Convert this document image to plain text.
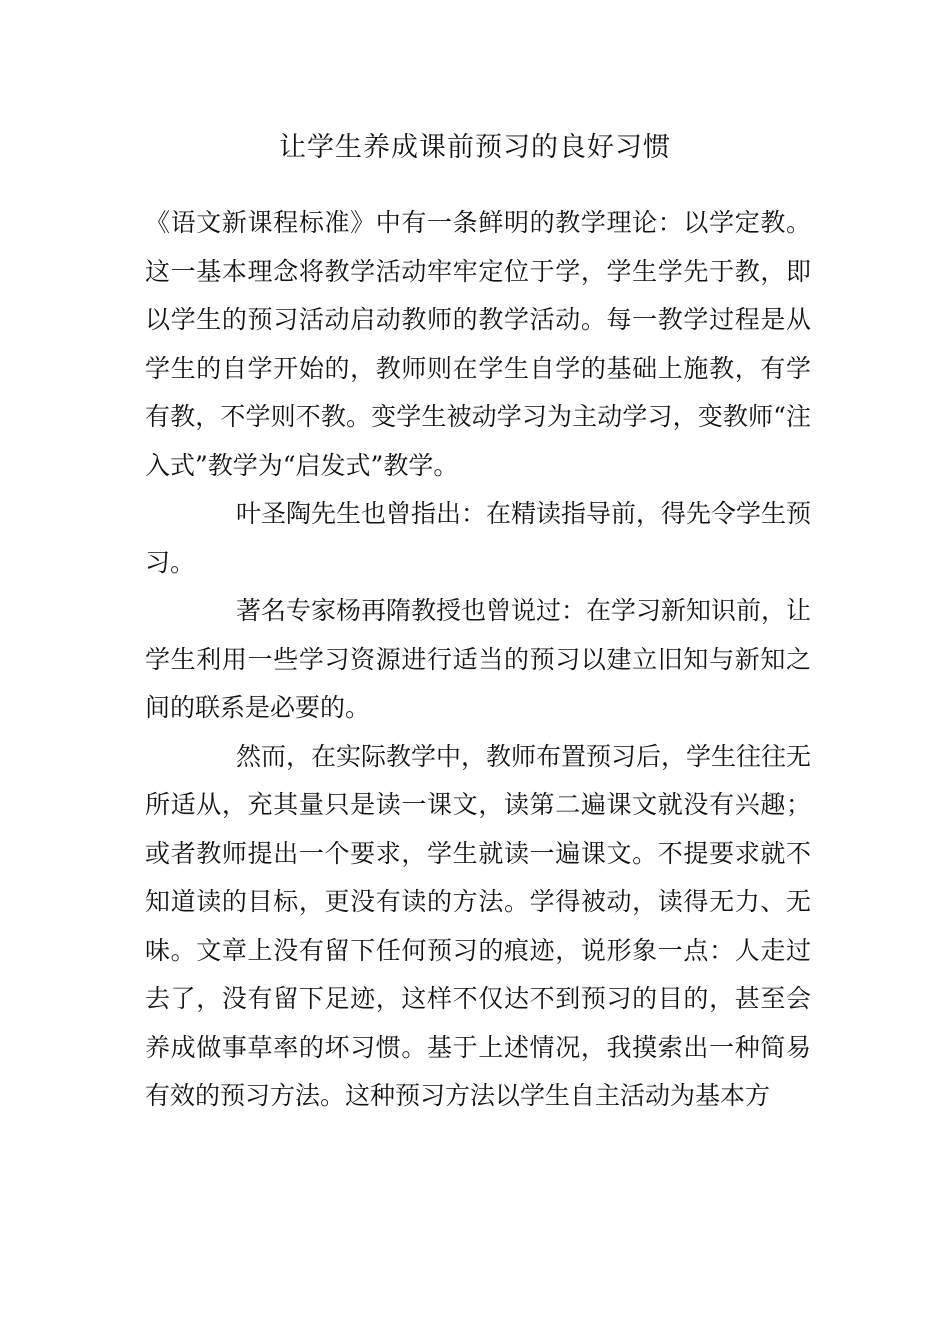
让学生养成课前预习的良好习惯

《语文新课程标准》中有一条鲜明的教学理论：以学定教。这一基本理念将教学活动牢牢定位于学，学生学先于教，即以学生的预习活动启动教师的教学活动。每一教学过程是从学生的自学开始的，教师则在学生自学的基础上施教，有学有教，不学则不教。变学生被动学习为主动学习，变教师“注入式”教学为“启发式”教学。

叶圣陶先生也曾指出：在精读指导前，得先令学生预习。

著名专家杨再隋教授也曾说过：在学习新知识前，让学生利用一些学习资源进行适当的预习以建立旧知与新知之间的联系是必要的。

然而，在实际教学中，教师布置预习后，学生往往无所适从，充其量只是读一课文，读第二遍课文就没有兴趣；或者教师提出一个要求，学生就读一遍课文。不提要求就不知道读的目标，更没有读的方法。学得被动，读得无力、无味。文章上没有留下任何预习的痕迹，说形象一点：人走过去了，没有留下足迹，这样不仅达不到预习的目的，甚至会养成做事草率的坏习惯。基于上述情况，我摸索出一种简易有效的预习方法。这种预习方法以学生自主活动为基本方
